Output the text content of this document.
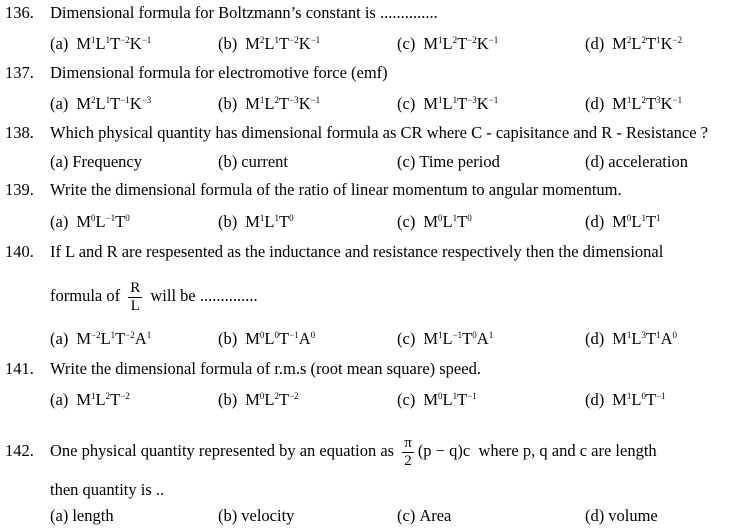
136. Dimensional formula for Boltzmann’s constant is ..............
(a) $M^1L^1T^{-2}K^{-1}$	(b) $M^2L^1T^{-2}K^{-1}$	(c) $M^1L^2T^{-2}K^{-1}$	(d) $M^2L^2T^1K^{-2}$
137. Dimensional formula for electromotive force (emf)
(a) $M^2L^1T^{-1}K^{-3}$	(b) $M^1L^2T^{-3}K^{-1}$	(c) $M^1L^1T^{-3}K^{-1}$	(d) $M^1L^2T^3K^{-1}$
138. Which physical quantity has dimensional formula as CR where C - capisitance and R - Resistance ?
(a) Frequency	(b) current	(c) Time period	(d) acceleration
139. Write the dimensional formula of the ratio of linear momentum to angular momentum.
(a) $M^0L^{-1}T^0$	(b) $M^1L^1T^0$	(c) $M^0L^1T^0$	(d) $M^0L^1T^1$
140. If L and R are respesented as the inductance and resistance respectively then the dimensional
formula of $\frac{R}{L}$ will be ..............
(a) $M^{-2}L^1T^{-2}A^1$	(b) $M^0L^0T^{-1}A^0$	(c) $M^1L^{-1}T^0A^1$	(d) $M^1L^3T^1A^0$
141. Write the dimensional formula of r.m.s (root mean square) speed.
(a) $M^1L^2T^{-2}$	(b) $M^0L^2T^{-2}$	(c) $M^0L^1T^{-1}$	(d) $M^1L^0T^{-1}$
142. One physical quantity represented by an equation as $\frac{\pi}{2} (p - q)c$ where p, q and c are length
then quantity is ..
(a) length	(b) velocity	(c) Area	(d) volume
